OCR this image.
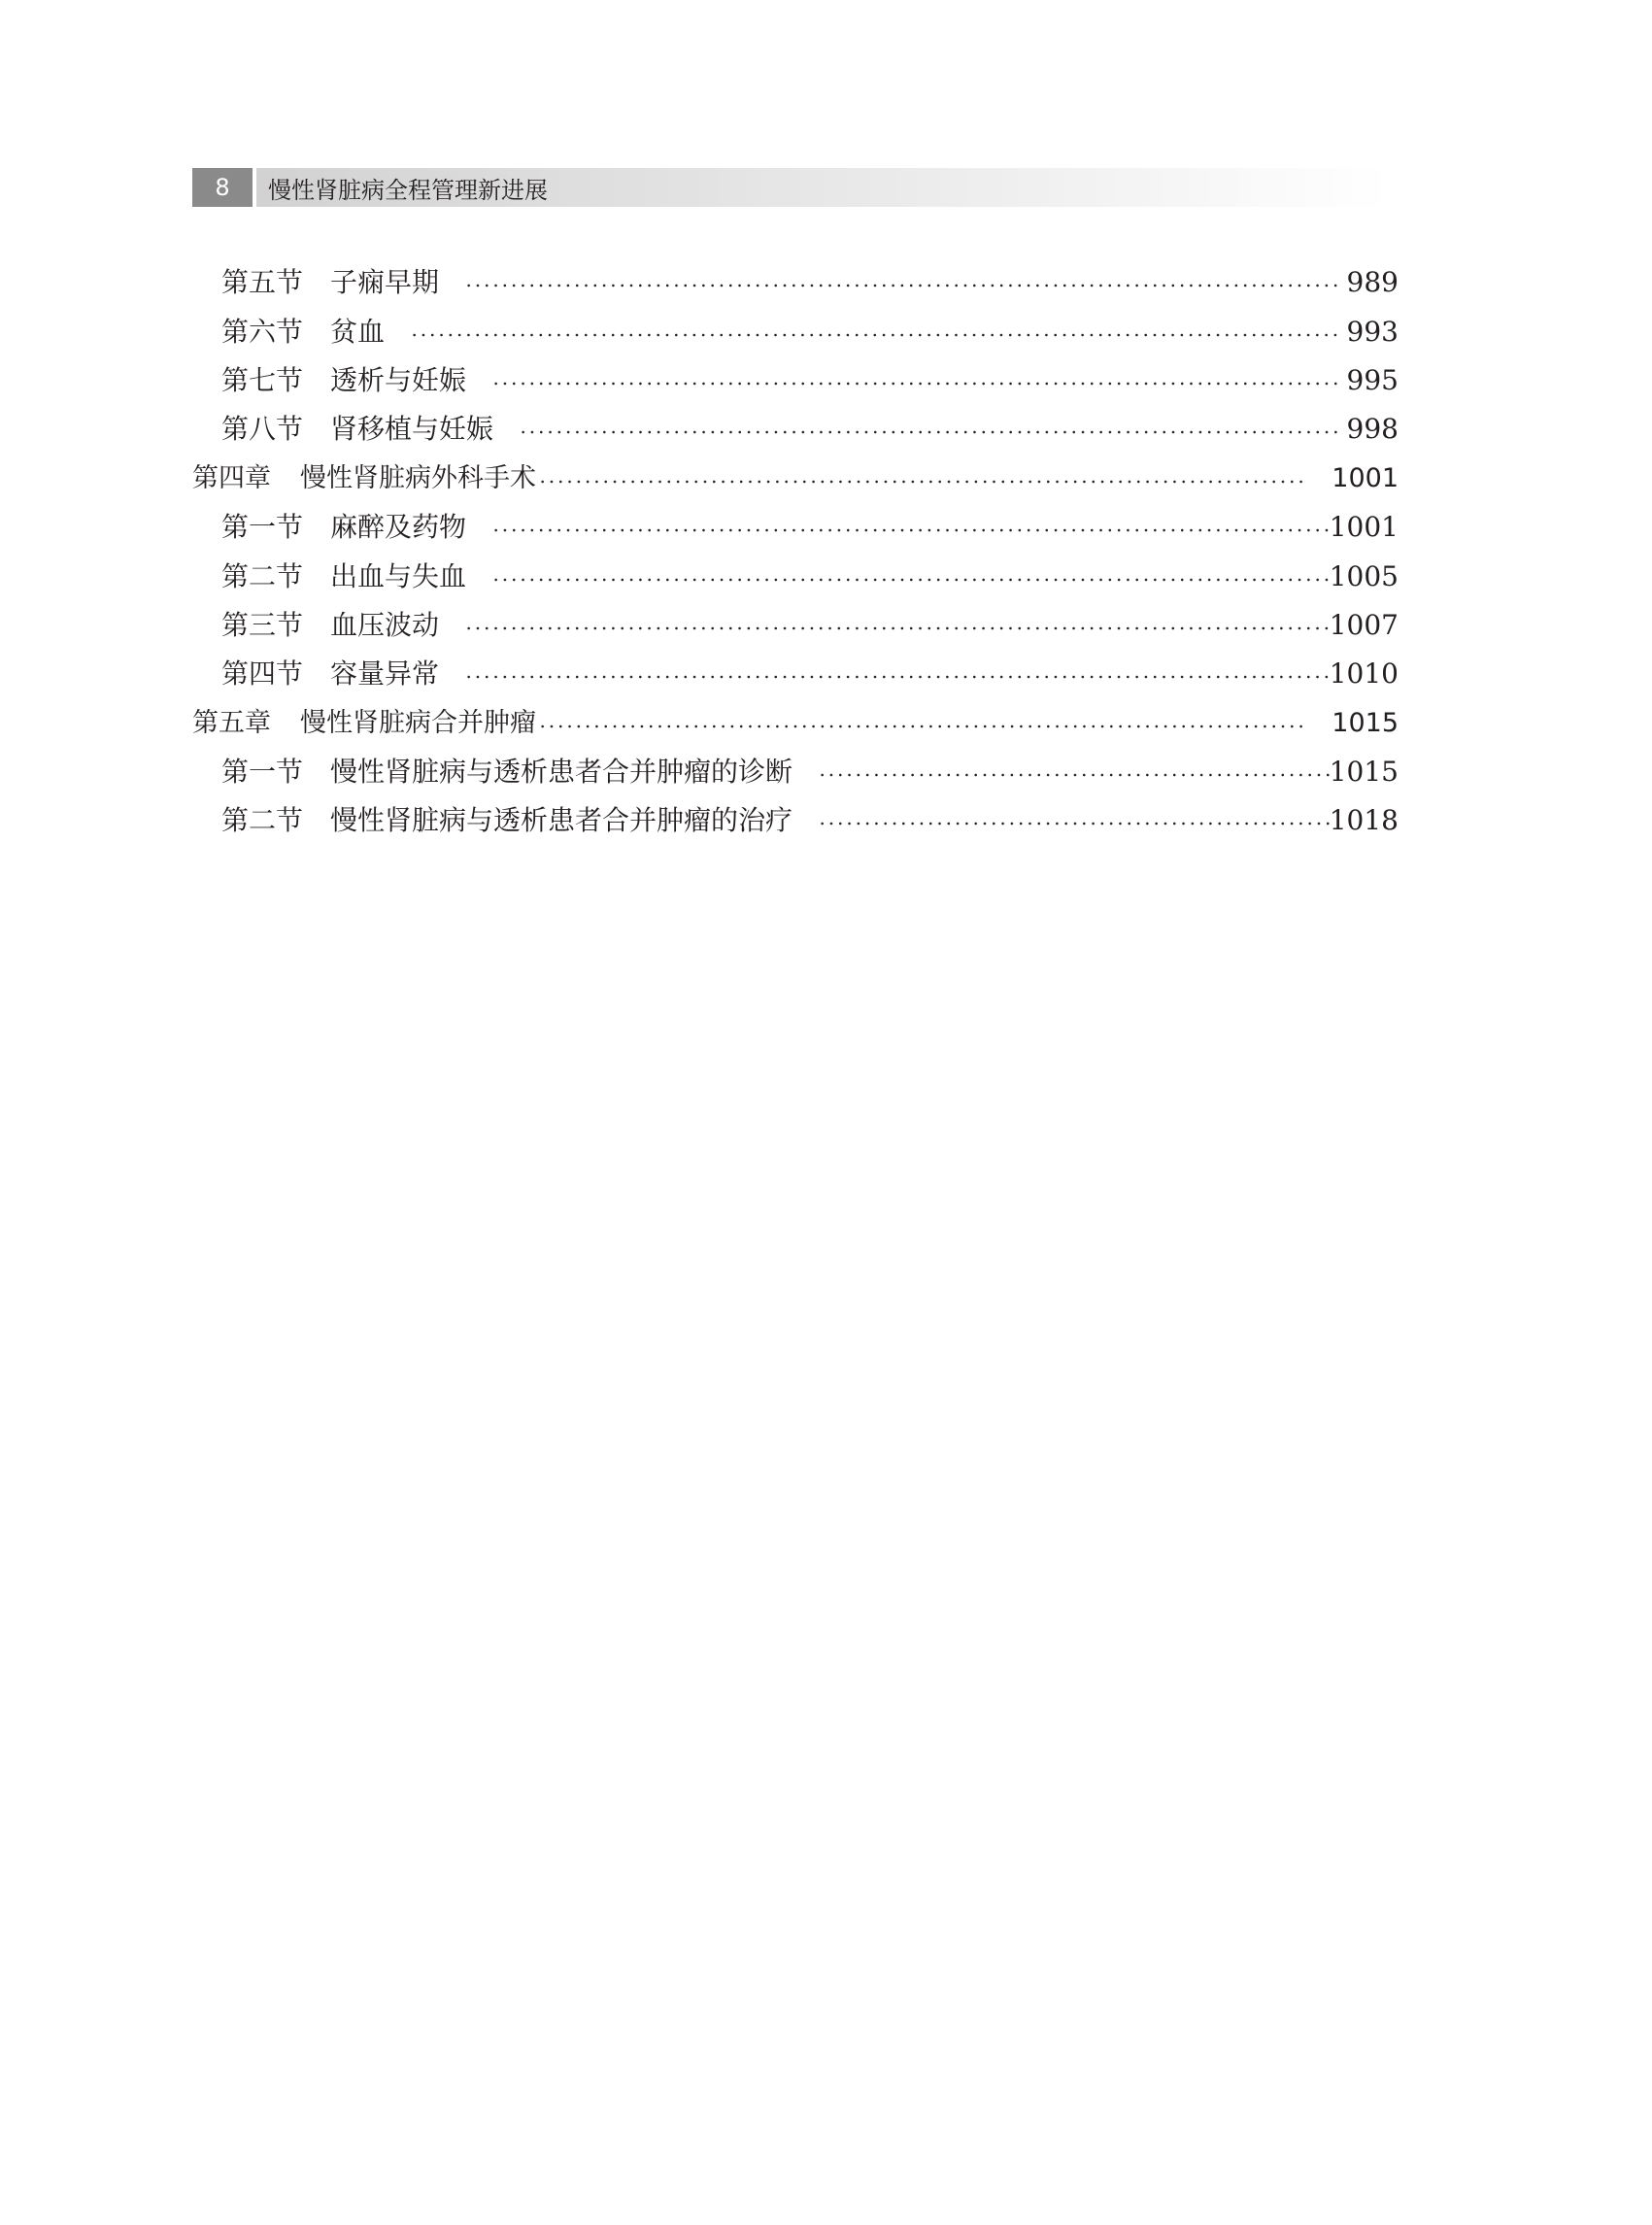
8	慢性肾脏病全程管理新进展
第五节 子痫早期	989
第六节 贫血	993
第七节 透析与妊娠	995
第八节 肾移植与妊娠	998
第四章 慢性肾脏病外科手术	1001
第一节 麻醉及药物	1001
第二节 出血与失血	1005
第三节 血压波动	1007
第四节 容量异常	1010
第五章 慢性肾脏病合并肿瘤	1015
第一节 慢性肾脏病与透析患者合并肿瘤的诊断	1015
第二节 慢性肾脏病与透析患者合并肿瘤的治疗	1018
